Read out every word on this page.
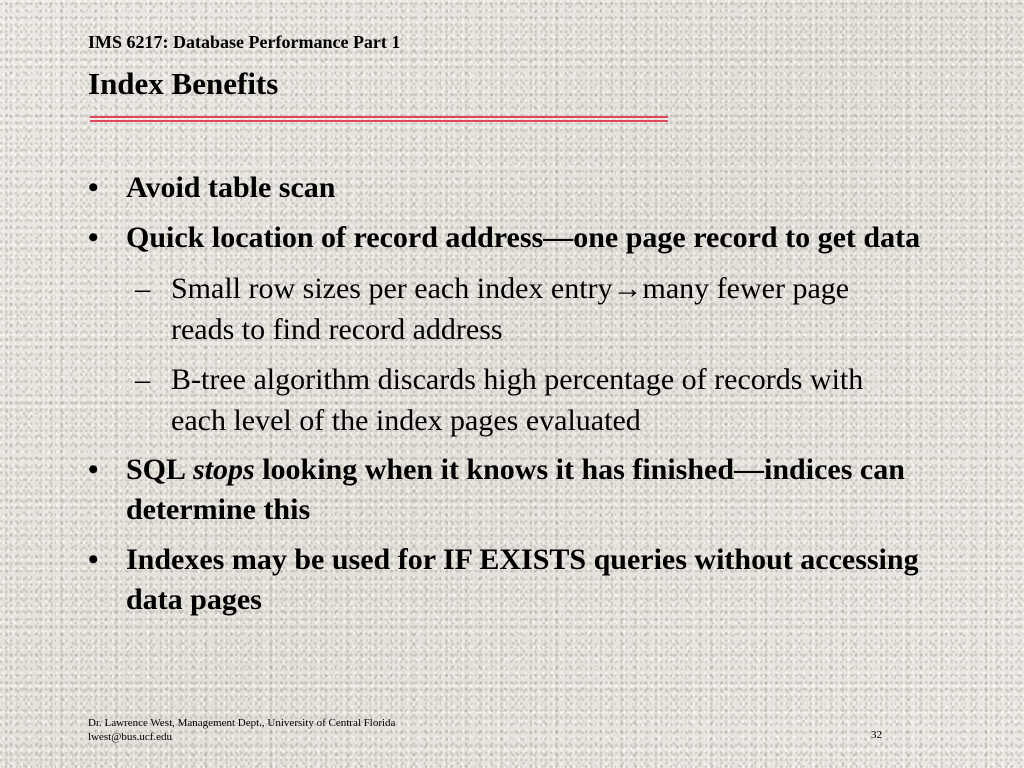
IMS 6217: Database Performance Part 1
Index Benefits
• Avoid table scan
• Quick location of record address—one page record to get data
– Small row sizes per each index entry→many fewer page reads to find record address
– B-tree algorithm discards high percentage of records with each level of the index pages evaluated
• SQL stops looking when it knows it has finished—indices can determine this
• Indexes may be used for IF EXISTS queries without accessing data pages
Dr. Lawrence West, Management Dept., University of Central Florida
lwest@bus.ucf.edu	32
